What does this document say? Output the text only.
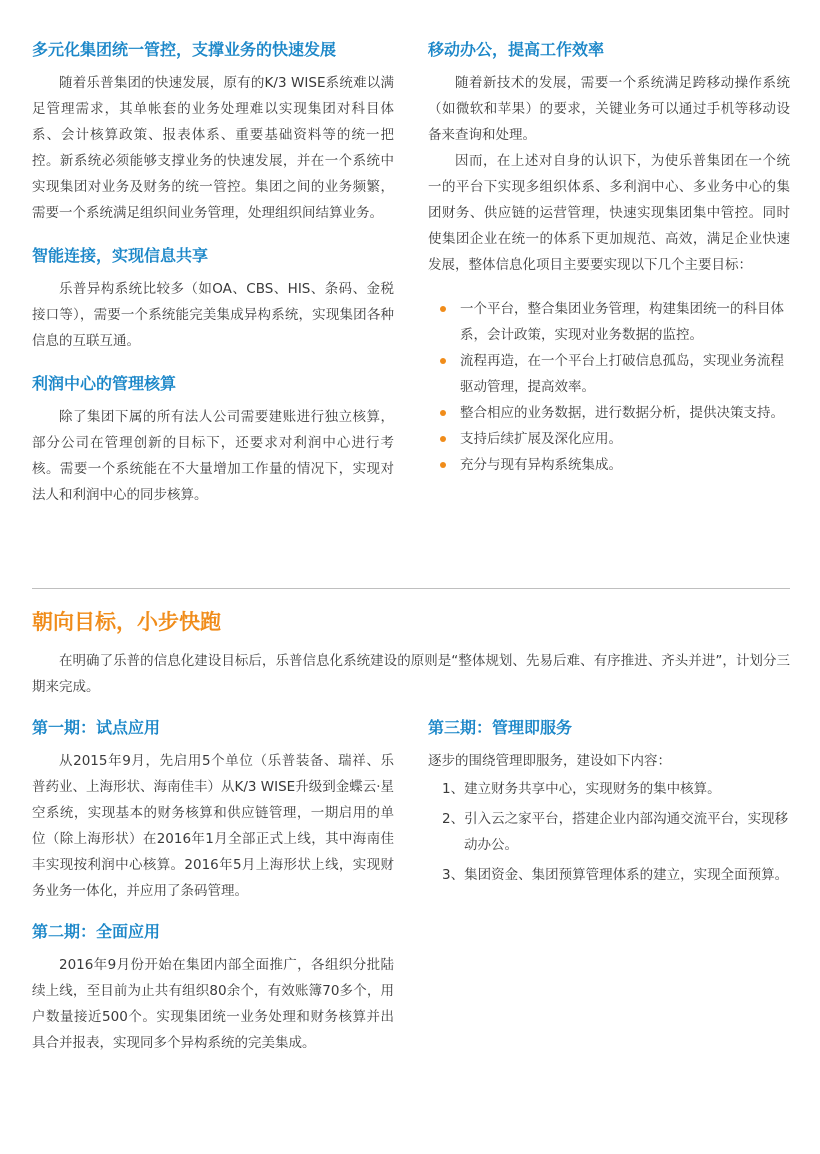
多元化集团统一管控，支撑业务的快速发展

随着乐普集团的快速发展，原有的K/3 WISE系统难以满足管理需求，其单帐套的业务处理难以实现集团对科目体系、会计核算政策、报表体系、重要基础资料等的统一把控。新系统必须能够支撑业务的快速发展，并在一个系统中实现集团对业务及财务的统一管控。集团之间的业务频繁，需要一个系统满足组织间业务管理，处理组织间结算业务。

智能连接，实现信息共享

乐普异构系统比较多（如OA、CBS、HIS、条码、金税接口等），需要一个系统能完美集成异构系统，实现集团各种信息的互联互通。

利润中心的管理核算

除了集团下属的所有法人公司需要建账进行独立核算，部分公司在管理创新的目标下，还要求对利润中心进行考核。需要一个系统能在不大量增加工作量的情况下，实现对法人和利润中心的同步核算。

移动办公，提高工作效率

随着新技术的发展，需要一个系统满足跨移动操作系统（如微软和苹果）的要求，关键业务可以通过手机等移动设备来查询和处理。

因而，在上述对自身的认识下，为使乐普集团在一个统一的平台下实现多组织体系、多利润中心、多业务中心的集团财务、供应链的运营管理，快速实现集团集中管控。同时使集团企业在统一的体系下更加规范、高效，满足企业快速发展，整体信息化项目主要要实现以下几个主要目标：

一个平台，整合集团业务管理，构建集团统一的科目体系，会计政策，实现对业务数据的监控。
流程再造，在一个平台上打破信息孤岛，实现业务流程驱动管理，提高效率。
整合相应的业务数据，进行数据分析，提供决策支持。
支持后续扩展及深化应用。
充分与现有异构系统集成。
朝向目标，小步快跑

在明确了乐普的信息化建设目标后，乐普信息化系统建设的原则是“整体规划、先易后难、有序推进、齐头并进”，计划分三期来完成。

第一期：试点应用

从2015年9月，先启用5个单位（乐普装备、瑞祥、乐普药业、上海形状、海南佳丰）从K/3 WISE升级到金蝶云·星空系统，实现基本的财务核算和供应链管理，一期启用的单位（除上海形状）在2016年1月全部正式上线，其中海南佳丰实现按利润中心核算。2016年5月上海形状上线，实现财务业务一体化，并应用了条码管理。

第二期：全面应用

2016年9月份开始在集团内部全面推广，各组织分批陆续上线，至目前为止共有组织80余个，有效账簿70多个，用户数量接近500个。实现集团统一业务处理和财务核算并出具合并报表，实现同多个异构系统的完美集成。

第三期：管理即服务

逐步的围绕管理即服务，建设如下内容：

1、建立财务共享中心，实现财务的集中核算。
2、引入云之家平台，搭建企业内部沟通交流平台，实现移动办公。
3、集团资金、集团预算管理体系的建立，实现全面预算。
